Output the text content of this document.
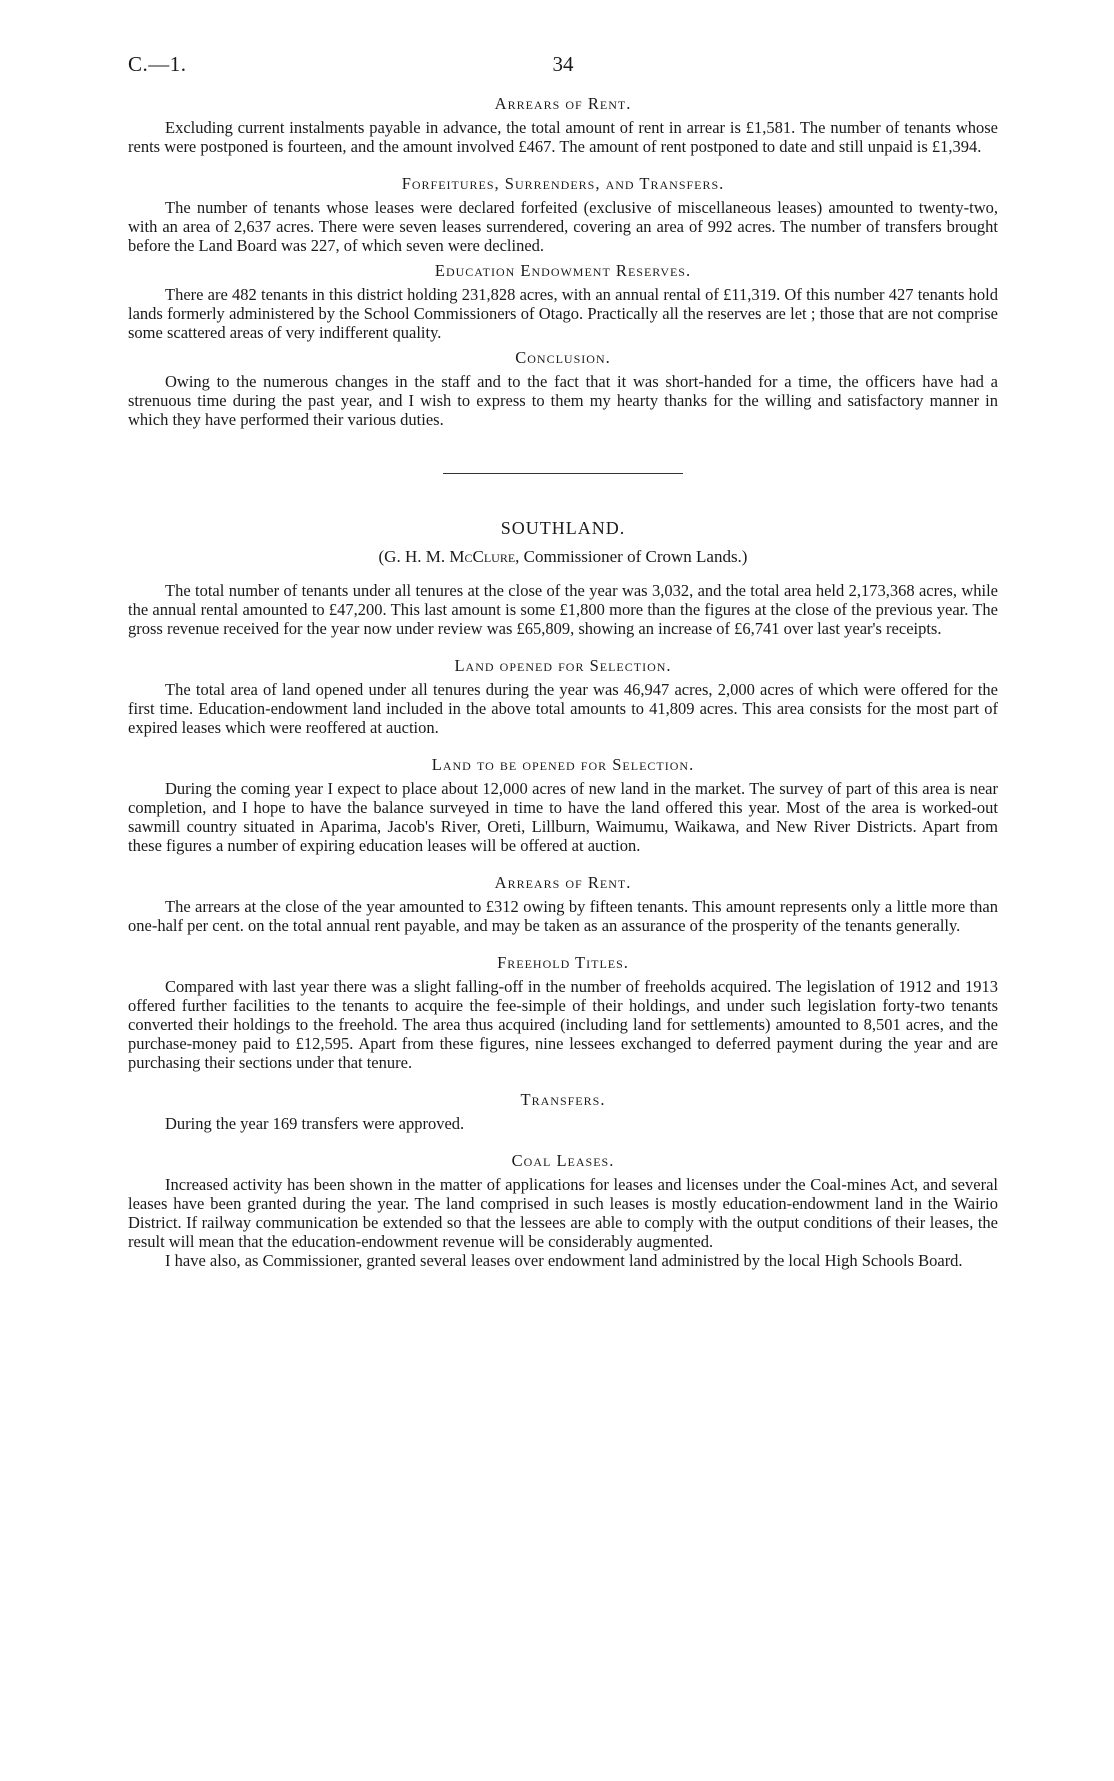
C.—1.	34
Arrears of Rent.

Excluding current instalments payable in advance, the total amount of rent in arrear is £1,581. The number of tenants whose rents were postponed is fourteen, and the amount involved £467. The amount of rent postponed to date and still unpaid is £1,394.

Forfeitures, Surrenders, and Transfers.

The number of tenants whose leases were declared forfeited (exclusive of miscellaneous leases) amounted to twenty-two, with an area of 2,637 acres. There were seven leases surrendered, covering an area of 992 acres. The number of transfers brought before the Land Board was 227, of which seven were declined.

Education Endowment Reserves.

There are 482 tenants in this district holding 231,828 acres, with an annual rental of £11,319. Of this number 427 tenants hold lands formerly administered by the School Commissioners of Otago. Practically all the reserves are let ; those that are not comprise some scattered areas of very indifferent quality.

Conclusion.

Owing to the numerous changes in the staff and to the fact that it was short-handed for a time, the officers have had a strenuous time during the past year, and I wish to express to them my hearty thanks for the willing and satisfactory manner in which they have performed their various duties.

SOUTHLAND.
(G. H. M. McClure, Commissioner of Crown Lands.)

The total number of tenants under all tenures at the close of the year was 3,032, and the total area held 2,173,368 acres, while the annual rental amounted to £47,200. This last amount is some £1,800 more than the figures at the close of the previous year. The gross revenue received for the year now under review was £65,809, showing an increase of £6,741 over last year's receipts.

Land opened for Selection.

The total area of land opened under all tenures during the year was 46,947 acres, 2,000 acres of which were offered for the first time. Education-endowment land included in the above total amounts to 41,809 acres. This area consists for the most part of expired leases which were reoffered at auction.

Land to be opened for Selection.

During the coming year I expect to place about 12,000 acres of new land in the market. The survey of part of this area is near completion, and I hope to have the balance surveyed in time to have the land offered this year. Most of the area is worked-out sawmill country situated in Aparima, Jacob's River, Oreti, Lillburn, Waimumu, Waikawa, and New River Districts. Apart from these figures a number of expiring education leases will be offered at auction.

Arrears of Rent.

The arrears at the close of the year amounted to £312 owing by fifteen tenants. This amount represents only a little more than one-half per cent. on the total annual rent payable, and may be taken as an assurance of the prosperity of the tenants generally.

Freehold Titles.

Compared with last year there was a slight falling-off in the number of freeholds acquired. The legislation of 1912 and 1913 offered further facilities to the tenants to acquire the fee-simple of their holdings, and under such legislation forty-two tenants converted their holdings to the freehold. The area thus acquired (including land for settlements) amounted to 8,501 acres, and the purchase-money paid to £12,595. Apart from these figures, nine lessees exchanged to deferred payment during the year and are purchasing their sections under that tenure.

Transfers.

During the year 169 transfers were approved.

Coal Leases.

Increased activity has been shown in the matter of applications for leases and licenses under the Coal-mines Act, and several leases have been granted during the year. The land comprised in such leases is mostly education-endowment land in the Wairio District. If railway communication be extended so that the lessees are able to comply with the output conditions of their leases, the result will mean that the education-endowment revenue will be considerably augmented.

I have also, as Commissioner, granted several leases over endowment land administred by the local High Schools Board.
